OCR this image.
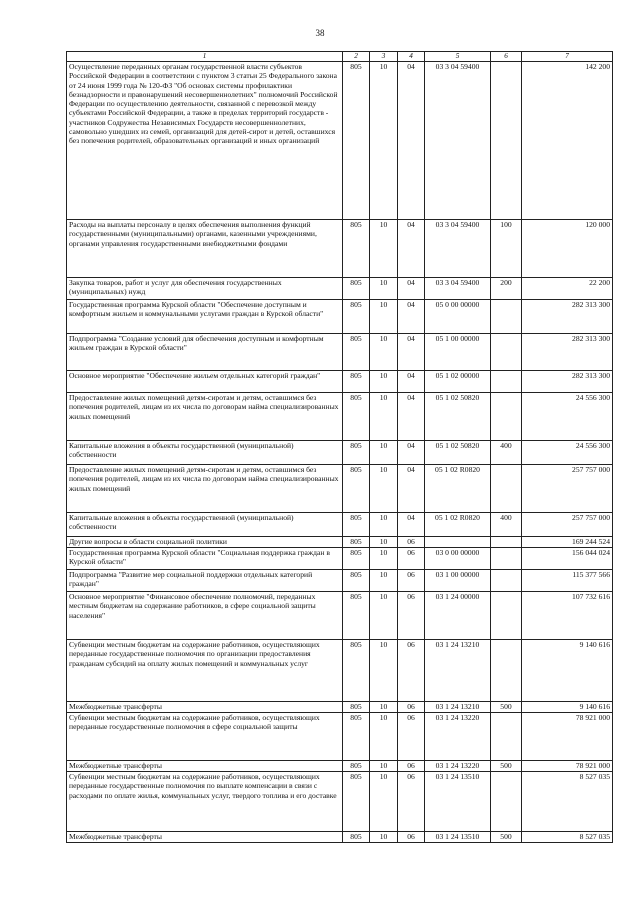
38
1	2	3	4	5	6	7
Осуществление переданных органам государственной власти субъектов Российской Федерации в соответствии с пунктом 3 статьи 25 Федерального закона от 24 июня 1999 года № 120-ФЗ "Об основах системы профилактики безнадзорности и правонарушений несовершеннолетних" полномочий Российской Федерации по осуществлению деятельности, связанной с перевозкой между субъектами Российской Федерации, а также в пределах территорий государств - участников Содружества Независимых Государств несовершеннолетних, самовольно ушедших из семей, организаций для детей-сирот и детей, оставшихся без попечения родителей, образовательных организаций и иных организаций	805	10	04	03 3 04 59400		142 200
Расходы на выплаты персоналу в целях обеспечения выполнения функций государственными (муниципальными) органами, казенными учреждениями, органами управления государственными внебюджетными фондами	805	10	04	03 3 04 59400	100	120 000
Закупка товаров, работ и услуг для обеспечения государственных (муниципальных) нужд	805	10	04	03 3 04 59400	200	22 200
Государственная программа Курской области "Обеспечение доступным и комфортным жильем и коммунальными услугами граждан в Курской области"	805	10	04	05 0 00 00000		282 313 300
Подпрограмма "Создание условий для обеспечения доступным и комфортным жильем граждан в Курской области"	805	10	04	05 1 00 00000		282 313 300
Основное мероприятие "Обеспечение жильем отдельных категорий граждан"	805	10	04	05 1 02 00000		282 313 300
Предоставление жилых помещений детям-сиротам и детям, оставшимся без попечения родителей, лицам из их числа по договорам найма специализированных жилых помещений	805	10	04	05 1 02 50820		24 556 300
Капитальные вложения в объекты государственной (муниципальной) собственности	805	10	04	05 1 02 50820	400	24 556 300
Предоставление жилых помещений детям-сиротам и детям, оставшимся без попечения родителей, лицам из их числа по договорам найма специализированных жилых помещений	805	10	04	05 1 02 R0820		257 757 000
Капитальные вложения в объекты государственной (муниципальной) собственности	805	10	04	05 1 02 R0820	400	257 757 000
Другие вопросы в области социальной политики	805	10	06			169 244 524
Государственная программа Курской области "Социальная поддержка граждан в Курской области"	805	10	06	03 0 00 00000		156 044 024
Подпрограмма "Развитие мер социальной поддержки отдельных категорий граждан"	805	10	06	03 1 00 00000		115 377 566
Основное мероприятие "Финансовое обеспечение полномочий, переданных местным бюджетам на содержание работников, в сфере социальной защиты населения"	805	10	06	03 1 24 00000		107 732 616
Субвенции местным бюджетам на содержание работников, осуществляющих переданные государственные полномочия по организации предоставления гражданам субсидий на оплату жилых помещений и коммунальных услуг	805	10	06	03 1 24 13210		9 140 616
Межбюджетные трансферты	805	10	06	03 1 24 13210	500	9 140 616
Субвенции местным бюджетам на содержание работников, осуществляющих переданные государственные полномочия в сфере социальной защиты	805	10	06	03 1 24 13220		78 921 000
Межбюджетные трансферты	805	10	06	03 1 24 13220	500	78 921 000
Субвенции местным бюджетам на содержание работников, осуществляющих переданные государственные полномочия по выплате компенсации в связи с расходами по оплате жилья, коммунальных услуг, твердого топлива и его доставке	805	10	06	03 1 24 13510		8 527 035
Межбюджетные трансферты	805	10	06	03 1 24 13510	500	8 527 035
